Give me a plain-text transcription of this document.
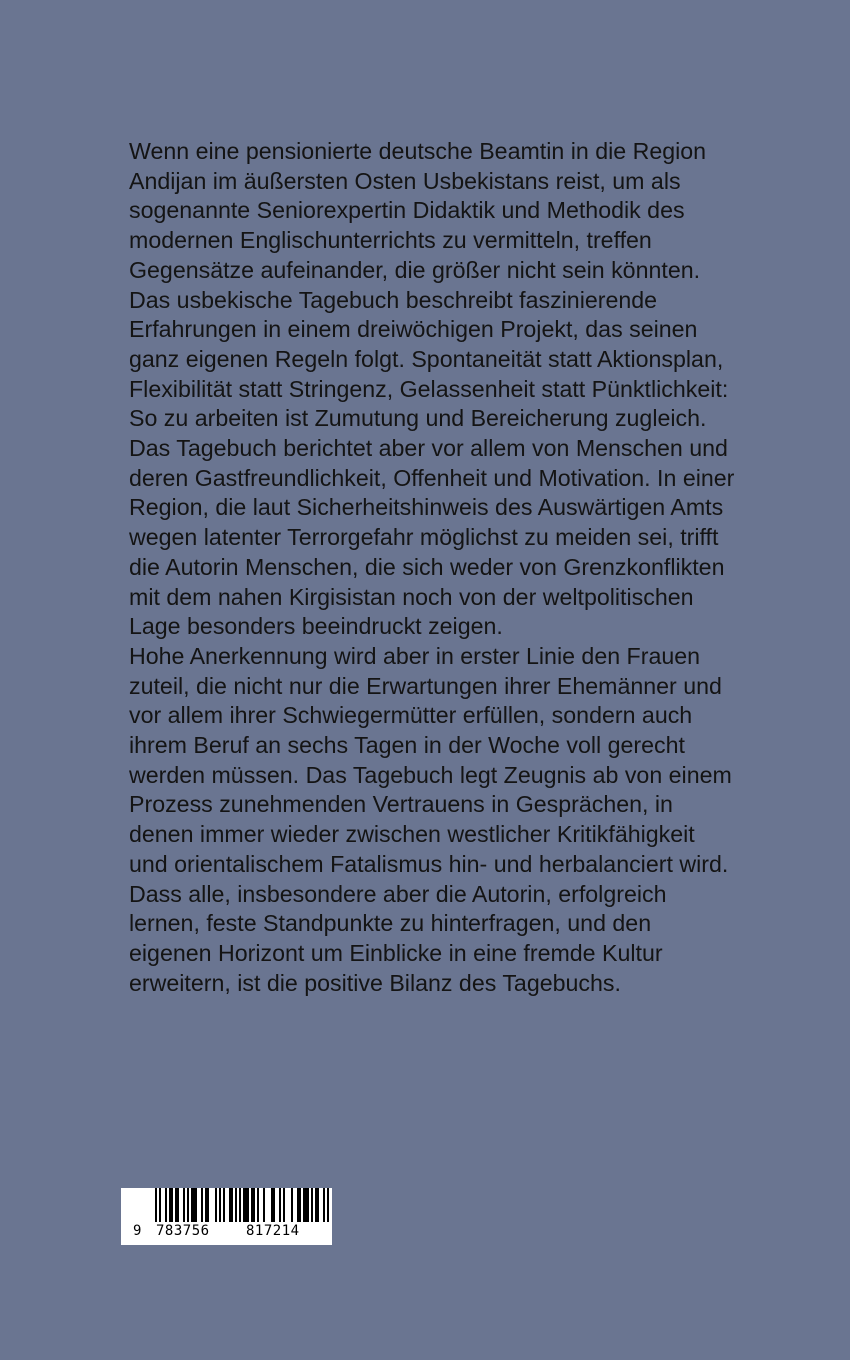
Wenn eine pensionierte deutsche Beamtin in die Region Andijan im äußersten Osten Usbekistans reist, um als sogenannte Seniorexpertin Didaktik und Methodik des modernen Englischunterrichts zu vermitteln, treffen Gegensätze aufeinander, die größer nicht sein könnten.

Das usbekische Tagebuch beschreibt faszinierende Erfahrungen in einem dreiwöchigen Projekt, das seinen ganz eigenen Regeln folgt. Spontaneität statt Aktionsplan, Flexibilität statt Stringenz, Gelassenheit statt Pünktlichkeit: So zu arbeiten ist Zumutung und Bereicherung zugleich.

Das Tagebuch berichtet aber vor allem von Menschen und deren Gastfreundlichkeit, Offenheit und Motivation. In einer Region, die laut Sicherheitshinweis des Auswärtigen Amts wegen latenter Terrorgefahr möglichst zu meiden sei, trifft die Autorin Menschen, die sich weder von Grenzkonflikten mit dem nahen Kirgisistan noch von der weltpolitischen Lage besonders beeindruckt zeigen.

Hohe Anerkennung wird aber in erster Linie den Frauen zuteil, die nicht nur die Erwartungen ihrer Ehemänner und vor allem ihrer Schwiegermütter erfüllen, sondern auch ihrem Beruf an sechs Tagen in der Woche voll gerecht werden müssen. Das Tagebuch legt Zeugnis ab von einem Prozess zunehmenden Vertrauens in Gesprächen, in denen immer wieder zwischen westlicher Kritikfähigkeit und orientalischem Fatalismus hin- und herbalanciert wird.

Dass alle, insbesondere aber die Autorin, erfolgreich lernen, feste Standpunkte zu hinterfragen, und den eigenen Horizont um Einblicke in eine fremde Kultur erweitern, ist die positive Bilanz des Tagebuchs.

9

783756

	817214
